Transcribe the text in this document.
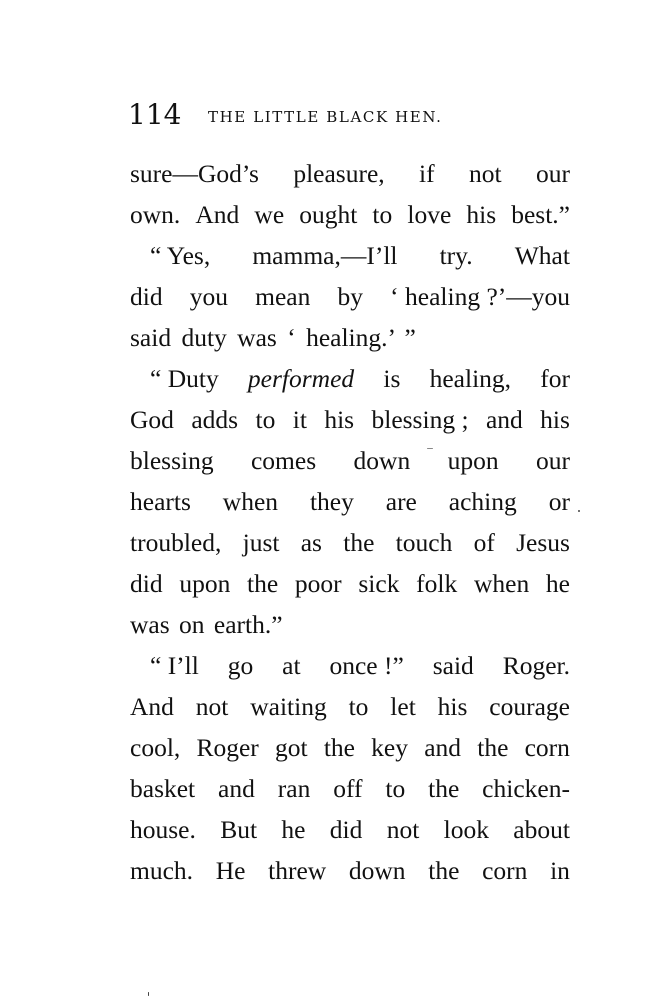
114 THE LITTLE BLACK HEN.
sure—God’s pleasure, if not our
own. And we ought to love his best.”
“ Yes, mamma,—I’ll try. What
did you mean by ‘ healing ?’—you
said duty was ‘ healing.’ ”
“ Duty performed is healing, for
God adds to it his blessing ; and his
blessing comes down upon our
hearts when they are aching or
troubled, just as the touch of Jesus
did upon the poor sick folk when he
was on earth.”
“ I’ll go at once !” said Roger.
And not waiting to let his courage
cool, Roger got the key and the corn
basket and ran off to the chicken-
house. But he did not look about
much. He threw down the corn in
